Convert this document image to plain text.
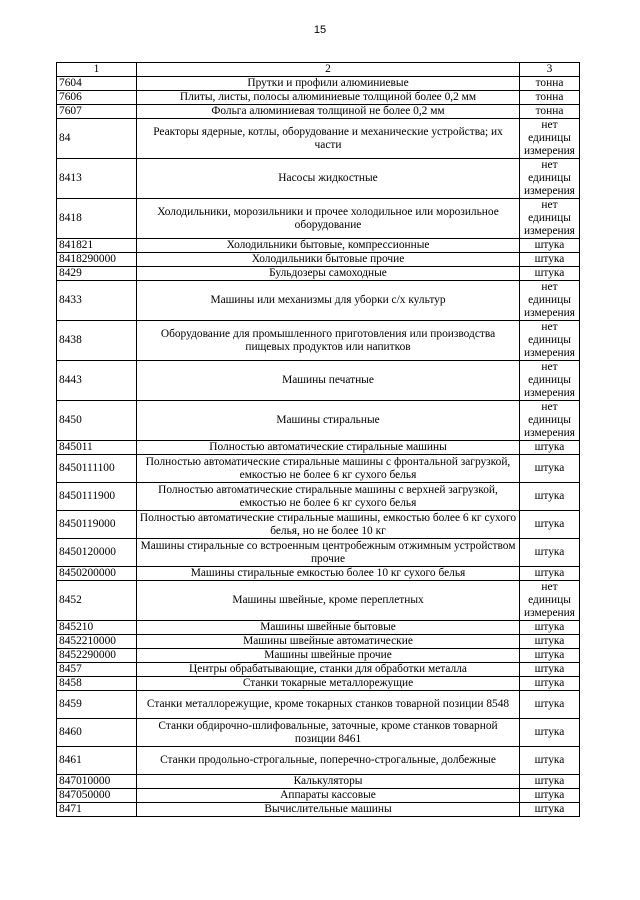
15
1	2	3
7604	Прутки и профили алюминиевые	тонна
7606	Плиты, листы, полосы алюминиевые толщиной более 0,2 мм	тонна
7607	Фольга алюминиевая толщиной не более 0,2 мм	тонна
84	Реакторы ядерные, котлы, оборудование и механические устройства; их части	нет единицы измерения
8413	Насосы жидкостные	нет единицы измерения
8418	Холодильники, морозильники и прочее холодильное или морозильное оборудование	нет единицы измерения
841821	Холодильники бытовые, компрессионные	штука
8418290000	Холодильники бытовые прочие	штука
8429	Бульдозеры самоходные	штука
8433	Машины или механизмы для уборки с/х культур	нет единицы измерения
8438	Оборудование для промышленного приготовления или производства пищевых продуктов или напитков	нет единицы измерения
8443	Машины печатные	нет единицы измерения
8450	Машины стиральные	нет единицы измерения
845011	Полностью автоматические стиральные машины	штука
8450111100	Полностью автоматические стиральные машины с фронтальной загрузкой, емкостью не более 6 кг сухого белья	штука
8450111900	Полностью автоматические стиральные машины с верхней загрузкой, емкостью не более 6 кг сухого белья	штука
8450119000	Полностью автоматические стиральные машины, емкостью более 6 кг сухого белья, но не более 10 кг	штука
8450120000	Машины стиральные со встроенным центробежным отжимным устройством прочие	штука
8450200000	Машины стиральные емкостью более 10 кг сухого белья	штука
8452	Машины швейные, кроме переплетных	нет единицы измерения
845210	Машины швейные бытовые	штука
8452210000	Машины швейные автоматические	штука
8452290000	Машины швейные прочие	штука
8457	Центры обрабатывающие, станки для обработки металла	штука
8458	Станки токарные металлорежущие	штука
8459	Станки металлорежущие, кроме токарных станков товарной позиции 8548	штука
8460	Станки обдирочно-шлифовальные, заточные, кроме станков товарной позиции 8461	штука
8461	Станки продольно-строгальные, поперечно-строгальные, долбежные	штука
847010000	Калькуляторы	штука
847050000	Аппараты кассовые	штука
8471	Вычислительные машины	штука
